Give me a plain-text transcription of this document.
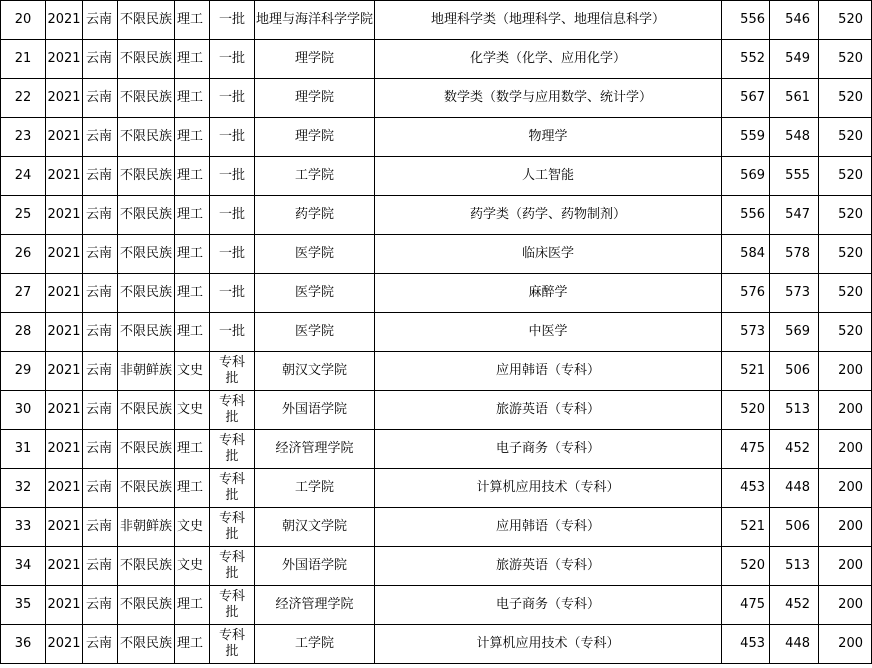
20	2021	云南	不限民族	理工	一批	地理与海洋科学学院	地理科学类（地理科学、地理信息科学）	556	546	520
21	2021	云南	不限民族	理工	一批	理学院	化学类（化学、应用化学）	552	549	520
22	2021	云南	不限民族	理工	一批	理学院	数学类（数学与应用数学、统计学）	567	561	520
23	2021	云南	不限民族	理工	一批	理学院	物理学	559	548	520
24	2021	云南	不限民族	理工	一批	工学院	人工智能	569	555	520
25	2021	云南	不限民族	理工	一批	药学院	药学类（药学、药物制剂）	556	547	520
26	2021	云南	不限民族	理工	一批	医学院	临床医学	584	578	520
27	2021	云南	不限民族	理工	一批	医学院	麻醉学	576	573	520
28	2021	云南	不限民族	理工	一批	医学院	中医学	573	569	520
29	2021	云南	非朝鲜族	文史	专科批	朝汉文学院	应用韩语（专科）	521	506	200
30	2021	云南	不限民族	文史	专科批	外国语学院	旅游英语（专科）	520	513	200
31	2021	云南	不限民族	理工	专科批	经济管理学院	电子商务（专科）	475	452	200
32	2021	云南	不限民族	理工	专科批	工学院	计算机应用技术（专科）	453	448	200
33	2021	云南	非朝鲜族	文史	专科批	朝汉文学院	应用韩语（专科）	521	506	200
34	2021	云南	不限民族	文史	专科批	外国语学院	旅游英语（专科）	520	513	200
35	2021	云南	不限民族	理工	专科批	经济管理学院	电子商务（专科）	475	452	200
36	2021	云南	不限民族	理工	专科批	工学院	计算机应用技术（专科）	453	448	200
